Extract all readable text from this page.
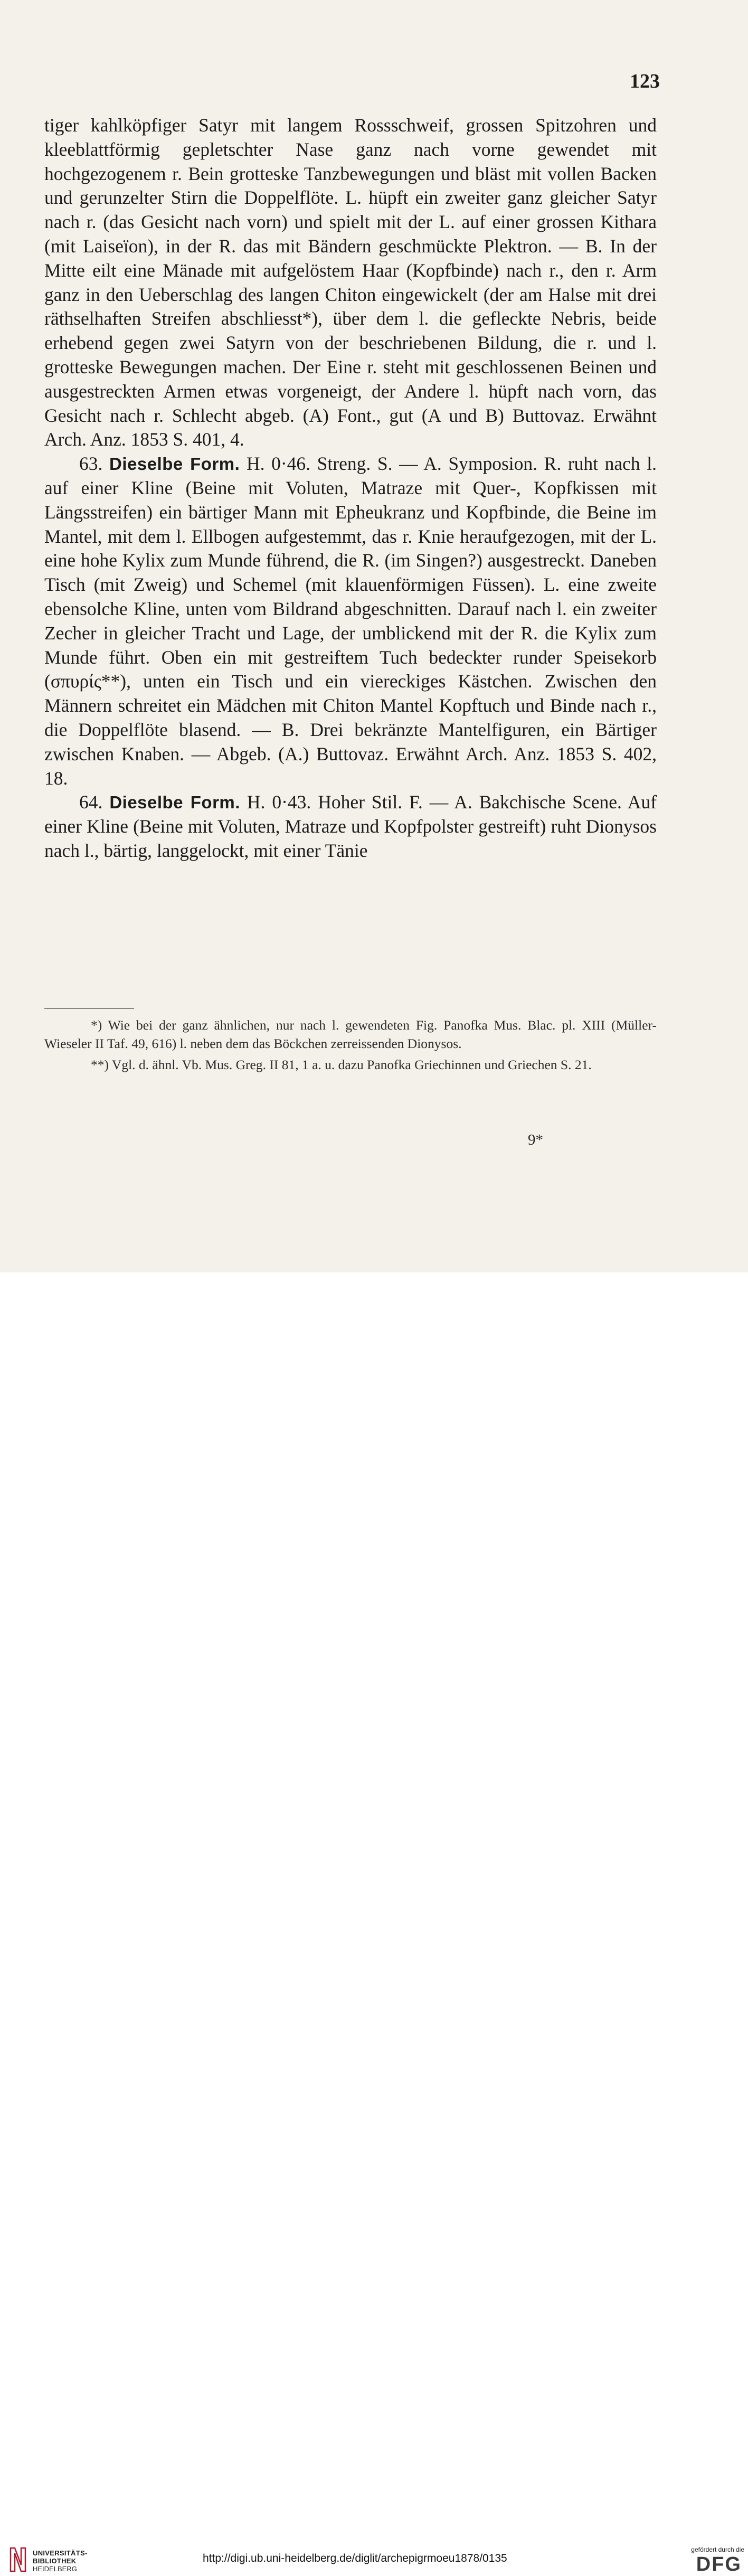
123

tiger kahlköpfiger Satyr mit langem Rossschweif, grossen Spitzohren und kleeblattförmig gepletschter Nase ganz nach vorne gewendet mit hochgezogenem r. Bein grotteske Tanzbewegungen und bläst mit vollen Backen und gerunzelter Stirn die Doppelflöte. L. hüpft ein zweiter ganz gleicher Satyr nach r. (das Gesicht nach vorn) und spielt mit der L. auf einer grossen Kithara (mit Laiseïon), in der R. das mit Bändern geschmückte Plektron. — B. In der Mitte eilt eine Mänade mit aufgelöstem Haar (Kopfbinde) nach r., den r. Arm ganz in den Ueberschlag des langen Chiton eingewickelt (der am Halse mit drei räthselhaften Streifen abschliesst*), über dem l. die gefleckte Nebris, beide erhebend gegen zwei Satyrn von der beschriebenen Bildung, die r. und l. grotteske Bewegungen machen. Der Eine r. steht mit geschlossenen Beinen und ausgestreckten Armen etwas vorgeneigt, der Andere l. hüpft nach vorn, das Gesicht nach r. Schlecht abgeb. (A) Font., gut (A und B) Buttovaz. Erwähnt Arch. Anz. 1853 S. 401, 4.

63. Dieselbe Form. H. 0·46. Streng. S. — A. Symposion. R. ruht nach l. auf einer Kline (Beine mit Voluten, Matraze mit Quer-, Kopfkissen mit Längsstreifen) ein bärtiger Mann mit Epheukranz und Kopfbinde, die Beine im Mantel, mit dem l. Ellbogen aufgestemmt, das r. Knie heraufgezogen, mit der L. eine hohe Kylix zum Munde führend, die R. (im Singen?) ausgestreckt. Daneben Tisch (mit Zweig) und Schemel (mit klauenförmigen Füssen). L. eine zweite ebensolche Kline, unten vom Bildrand abgeschnitten. Darauf nach l. ein zweiter Zecher in gleicher Tracht und Lage, der umblickend mit der R. die Kylix zum Munde führt. Oben ein mit gestreiftem Tuch bedeckter runder Speisekorb (σπυρίς**), unten ein Tisch und ein viereckiges Kästchen. Zwischen den Männern schreitet ein Mädchen mit Chiton Mantel Kopftuch und Binde nach r., die Doppelflöte blasend. — B. Drei bekränzte Mantelfiguren, ein Bärtiger zwischen Knaben. — Abgeb. (A.) Buttovaz. Erwähnt Arch. Anz. 1853 S. 402, 18.

64. Dieselbe Form. H. 0·43. Hoher Stil. F. — A. Bakchische Scene. Auf einer Kline (Beine mit Voluten, Matraze und Kopfpolster gestreift) ruht Dionysos nach l., bärtig, langgelockt, mit einer Tänie

*) Wie bei der ganz ähnlichen, nur nach l. gewendeten Fig. Panofka Mus. Blac. pl. XIII (Müller-Wieseler II Taf. 49, 616) l. neben dem das Böckchen zerreissenden Dionysos.

**) Vgl. d. ähnl. Vb. Mus. Greg. II 81, 1 a. u. dazu Panofka Griechinnen und Griechen S. 21.

9*
UNIVERSITÄTS-
BIBLIOTHEK
HEIDELBERG
http://digi.ub.uni-heidelberg.de/diglit/archepigrmoeu1878/0135
gefördert durch die
DFG
